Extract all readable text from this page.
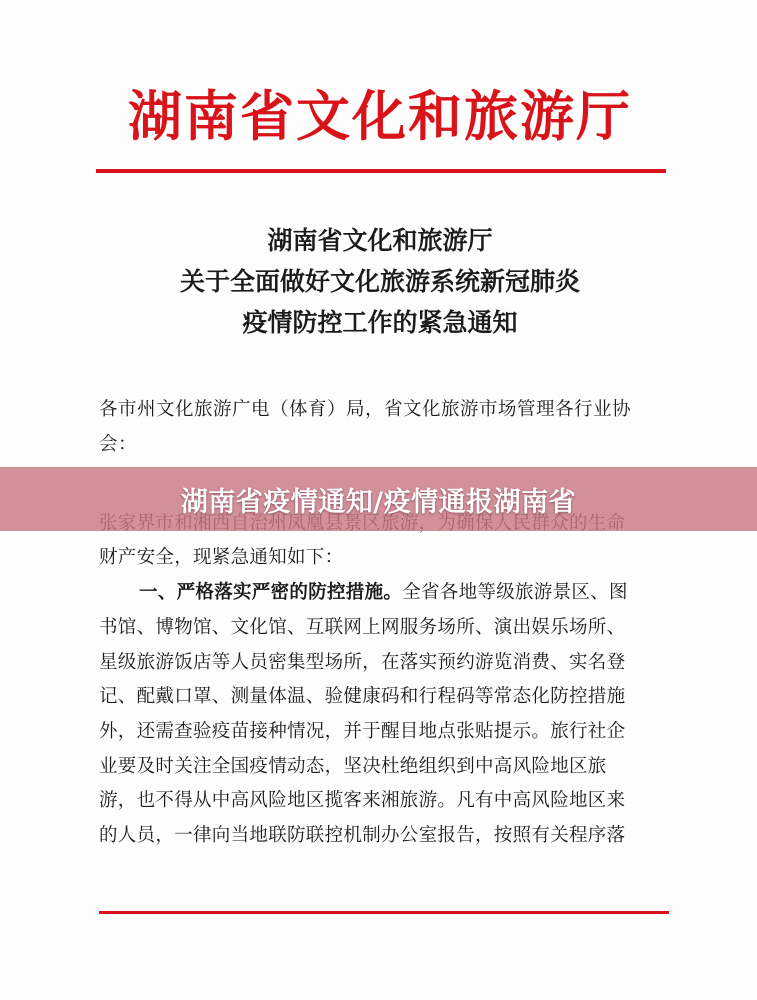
湖南省文化和旅游厅
湖南省文化和旅游厅
关于全面做好文化旅游系统新冠肺炎
疫情防控工作的紧急通知
各市州文化旅游广电（体育）局，省文化旅游市场管理各行业协
会：
财产安全，现紧急通知如下：
一、严格落实严密的防控措施。全省各地等级旅游景区、图
书馆、博物馆、文化馆、互联网上网服务场所、演出娱乐场所、
星级旅游饭店等人员密集型场所，在落实预约游览消费、实名登
记、配戴口罩、测量体温、验健康码和行程码等常态化防控措施
外，还需查验疫苗接种情况，并于醒目地点张贴提示。旅行社企
业要及时关注全国疫情动态，坚决杜绝组织到中高风险地区旅
游，也不得从中高风险地区揽客来湘旅游。凡有中高风险地区来
的人员，一律向当地联防联控机制办公室报告，按照有关程序落
湖南省疫情通知/疫情通报湖南省
